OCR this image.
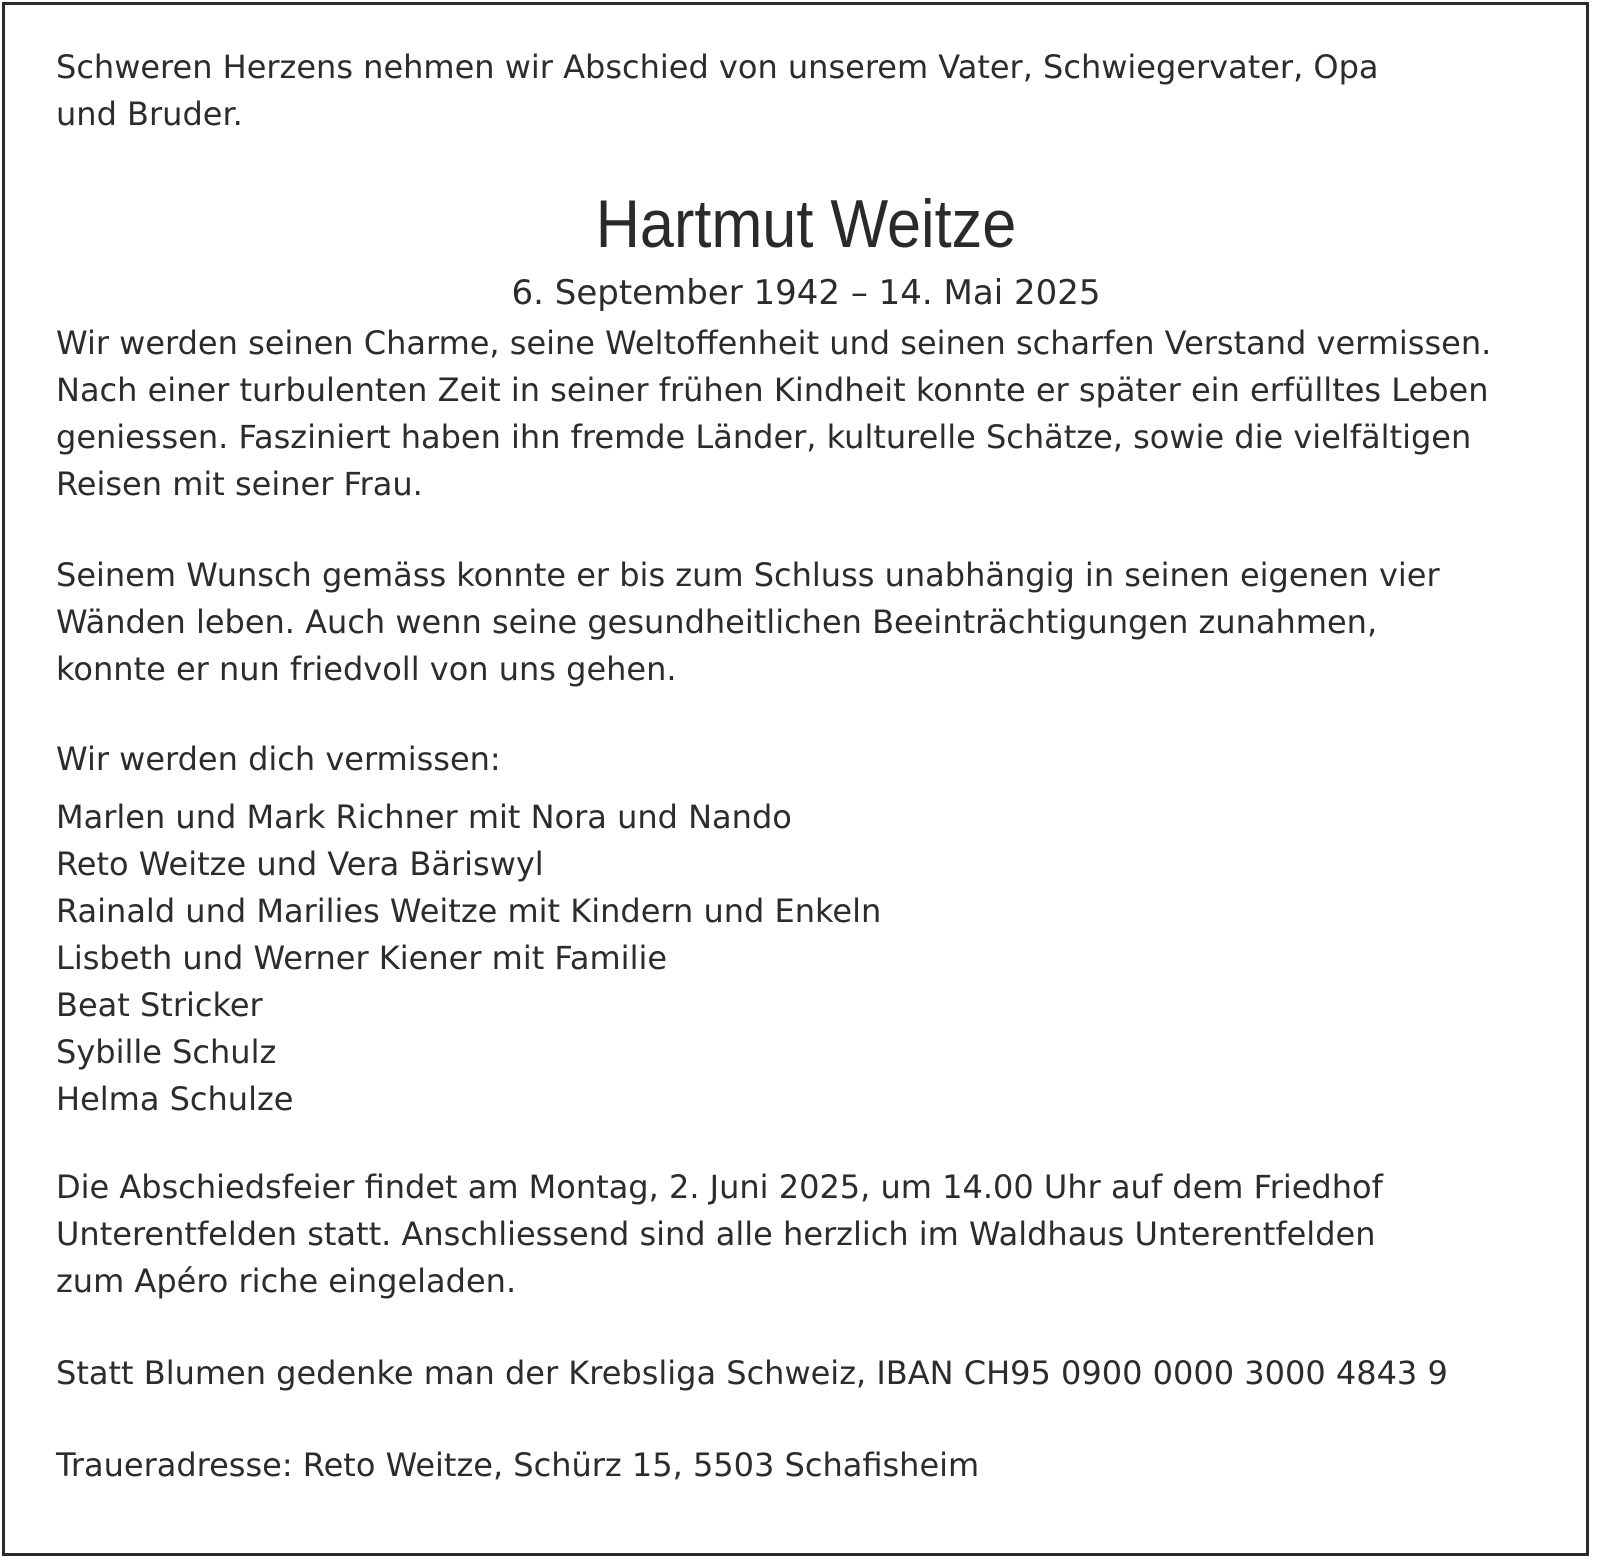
Schweren Herzens nehmen wir Abschied von unserem Vater, Schwiegervater, Opa
und Bruder.

Hartmut Weitze
6. September 1942 – 14. Mai 2025

Wir werden seinen Charme, seine Weltoffenheit und seinen scharfen Verstand vermissen.
Nach einer turbulenten Zeit in seiner frühen Kindheit konnte er später ein erfülltes Leben
geniessen. Fasziniert haben ihn fremde Länder, kulturelle Schätze, sowie die vielfältigen
Reisen mit seiner Frau.

Seinem Wunsch gemäss konnte er bis zum Schluss unabhängig in seinen eigenen vier
Wänden leben. Auch wenn seine gesundheitlichen Beeinträchtigungen zunahmen,
konnte er nun friedvoll von uns gehen.

Wir werden dich vermissen:

Marlen und Mark Richner mit Nora und Nando
Reto Weitze und Vera Bäriswyl
Rainald und Marilies Weitze mit Kindern und Enkeln
Lisbeth und Werner Kiener mit Familie
Beat Stricker
Sybille Schulz
Helma Schulze

Die Abschiedsfeier findet am Montag, 2. Juni 2025, um 14.00 Uhr auf dem Friedhof
Unterentfelden statt. Anschliessend sind alle herzlich im Waldhaus Unterentfelden
zum Apéro riche eingeladen.

Statt Blumen gedenke man der Krebsliga Schweiz, IBAN CH95 0900 0000 3000 4843 9

Traueradresse: Reto Weitze, Schürz 15, 5503 Schafisheim
